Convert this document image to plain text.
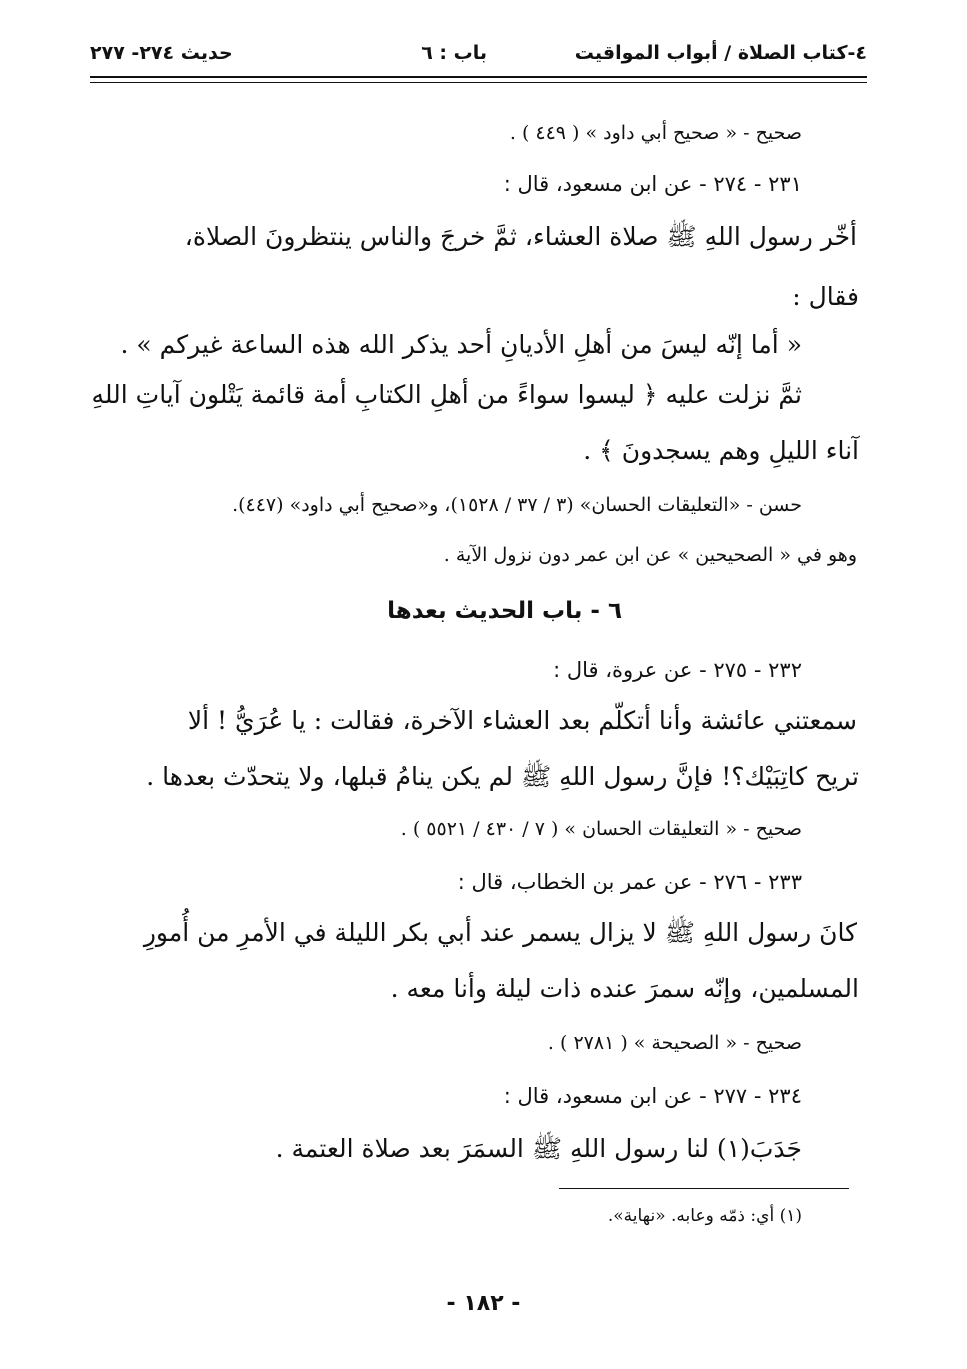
٤-كتاب الصلاة / أبواب المواقيت
باب : ٦
حديث ٢٧٤- ٢٧٧
صحيح - « صحيح أبي داود » ( ٤٤٩ ) .
٢٣١ - ٢٧٤ - عن ابن مسعود، قال :
أخّر رسول اللهِ ﷺ صلاة العشاء، ثمَّ خرجَ والناس ينتظرونَ الصلاة،
فقال :
« أما إنّه ليسَ من أهلِ الأديانِ أحد يذكر الله هذه الساعة غيركم » .
ثمَّ نزلت عليه ﴿ ليسوا سواءً من أهلِ الكتابِ أمة قائمة يَتْلون آياتِ اللهِ
آناء الليلِ وهم يسجدونَ ﴾ .
حسن - «التعليقات الحسان» (٣ / ٣٧ / ١٥٢٨)، و«صحيح أبي داود» (٤٤٧).
وهو في « الصحيحين » عن ابن عمر دون نزول الآية .
٦ - باب الحديث بعدها
٢٣٢ - ٢٧٥ - عن عروة، قال :
سمعتني عائشة وأنا أتكلّم بعد العشاء الآخرة، فقالت : يا عُرَيُّ ! ألا
تريح كاتِبَيْك؟! فإنَّ رسول اللهِ ﷺ لم يكن ينامُ قبلها، ولا يتحدّث بعدها .
صحيح - « التعليقات الحسان » ( ٧ / ٤٣٠ / ٥٥٢١ ) .
٢٣٣ - ٢٧٦ - عن عمر بن الخطاب، قال :
كانَ رسول اللهِ ﷺ لا يزال يسمر عند أبي بكر الليلة في الأمرِ من أُمورِ
المسلمين، وإنّه سمرَ عنده ذات ليلة وأنا معه .
صحيح - « الصحيحة » ( ٢٧٨١ ) .
٢٣٤ - ٢٧٧ - عن ابن مسعود، قال :
جَدَبَ(١) لنا رسول اللهِ ﷺ السمَرَ بعد صلاة العتمة .
(١) أي: ذمّه وعابه. «نهاية».
- ١٨٢ -
